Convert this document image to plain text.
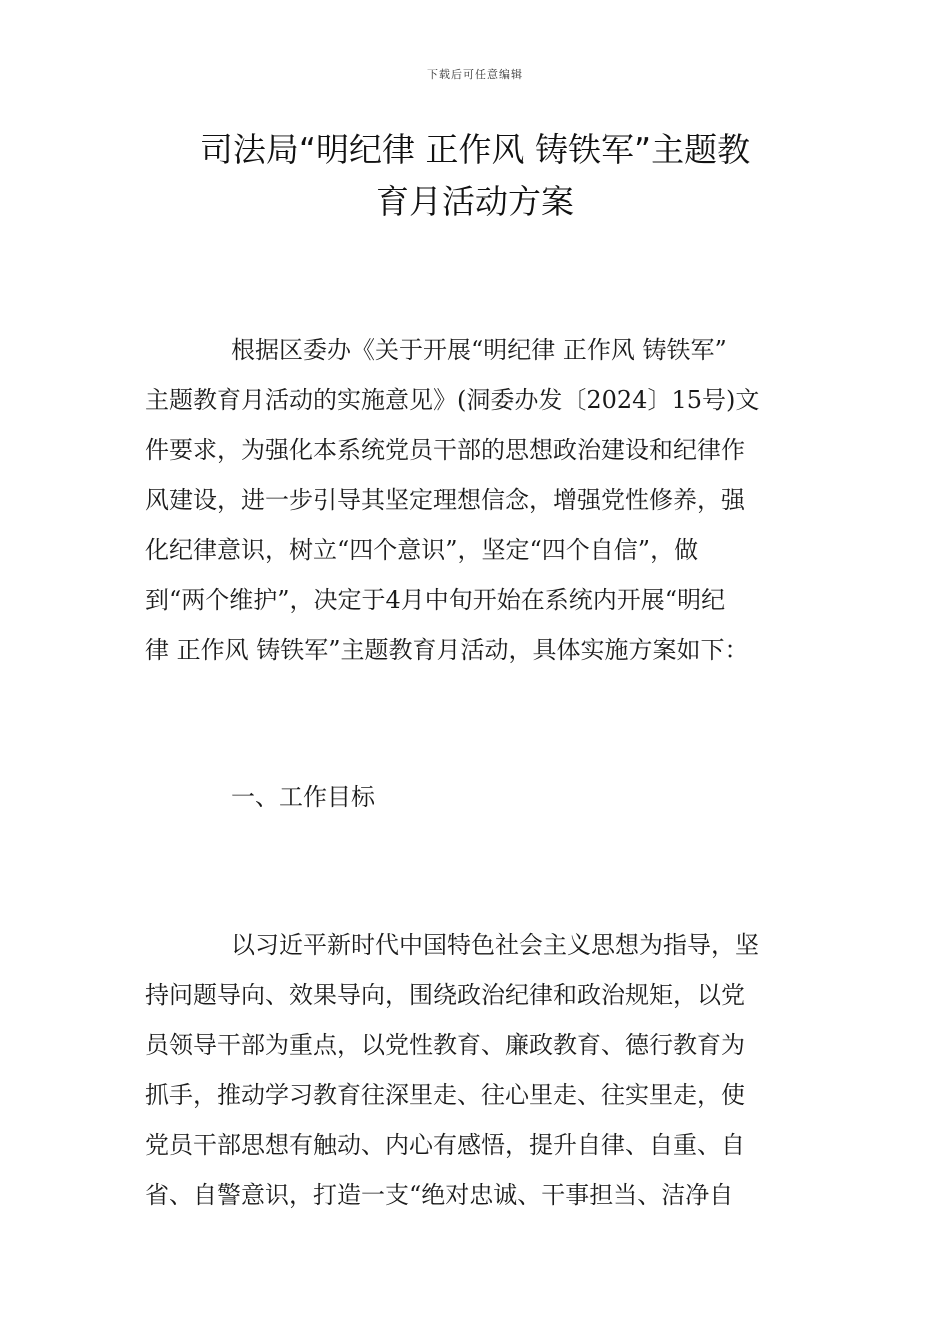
下载后可任意编辑
司法局“明纪律 正作风 铸铁军”主题教
育月活动方案
根据区委办《关于开展“明纪律 正作风 铸铁军”
主题教育月活动的实施意见》(洞委办发〔2024〕15号)文
件要求，为强化本系统党员干部的思想政治建设和纪律作
风建设，进一步引导其坚定理想信念，增强党性修养，强
化纪律意识，树立“四个意识”，坚定“四个自信”，做
到“两个维护”，决定于4月中旬开始在系统内开展“明纪
律 正作风 铸铁军”主题教育月活动，具体实施方案如下：
一、工作目标
以习近平新时代中国特色社会主义思想为指导，坚
持问题导向、效果导向，围绕政治纪律和政治规矩，以党
员领导干部为重点，以党性教育、廉政教育、德行教育为
抓手，推动学习教育往深里走、往心里走、往实里走，使
党员干部思想有触动、内心有感悟，提升自律、自重、自
省、自警意识，打造一支“绝对忠诚、干事担当、洁净自
